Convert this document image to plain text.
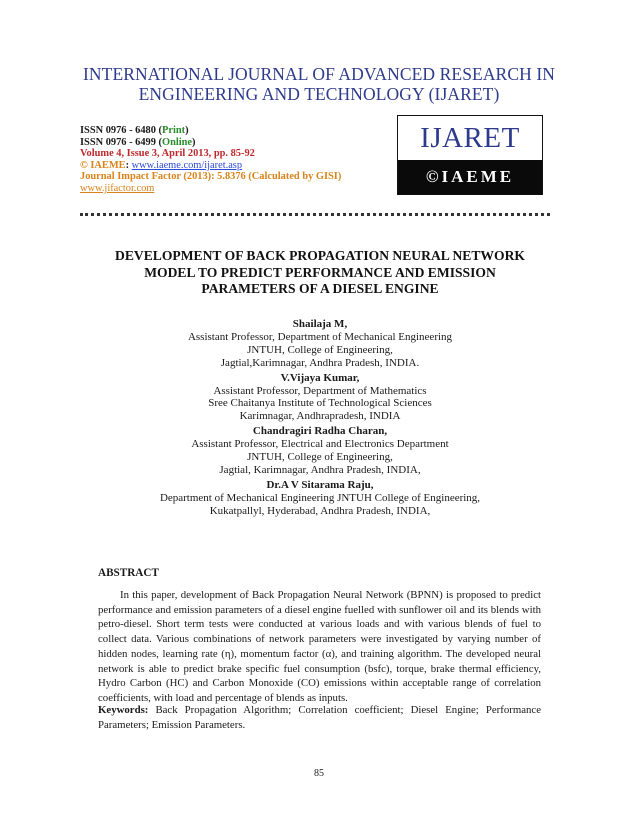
INTERNATIONAL JOURNAL OF ADVANCED RESEARCH IN
ENGINEERING AND TECHNOLOGY (IJARET)
ISSN 0976 - 6480 (Print)
ISSN 0976 - 6499 (Online)
Volume 4, Issue 3, April 2013, pp. 85-92
© IAEME: www.iaeme.com/ijaret.asp
Journal Impact Factor (2013): 5.8376 (Calculated by GISI)
www.jifactor.com
IJARET
©IAEME
DEVELOPMENT OF BACK PROPAGATION NEURAL NETWORK
MODEL TO PREDICT PERFORMANCE AND EMISSION
PARAMETERS OF A DIESEL ENGINE
Shailaja M,
Assistant Professor, Department of Mechanical Engineering
JNTUH, College of Engineering,
Jagtial,Karimnagar, Andhra Pradesh, INDIA.
V.Vijaya Kumar,
Assistant Professor, Department of Mathematics
Sree Chaitanya Institute of Technological Sciences
Karimnagar, Andhrapradesh, INDIA
Chandragiri Radha Charan,
Assistant Professor, Electrical and Electronics Department
JNTUH, College of Engineering,
Jagtial, Karimnagar, Andhra Pradesh, INDIA,
Dr.A V Sitarama Raju,
Department of Mechanical Engineering JNTUH College of Engineering,
Kukatpallyl, Hyderabad, Andhra Pradesh, INDIA,
ABSTRACT
In this paper, development of Back Propagation Neural Network (BPNN) is proposed to predict performance and emission parameters of a diesel engine fuelled with sunflower oil and its blends with petro-diesel. Short term tests were conducted at various loads and with various blends of fuel to collect data. Various combinations of network parameters were investigated by varying number of hidden nodes, learning rate (η), momentum factor (α), and training algorithm. The developed neural network is able to predict brake specific fuel consumption (bsfc), torque, brake thermal efficiency, Hydro Carbon (HC) and Carbon Monoxide (CO) emissions within acceptable range of correlation coefficients, with load and percentage of blends as inputs.
Keywords: Back Propagation Algorithm; Correlation coefficient; Diesel Engine; Performance Parameters; Emission Parameters.
85
